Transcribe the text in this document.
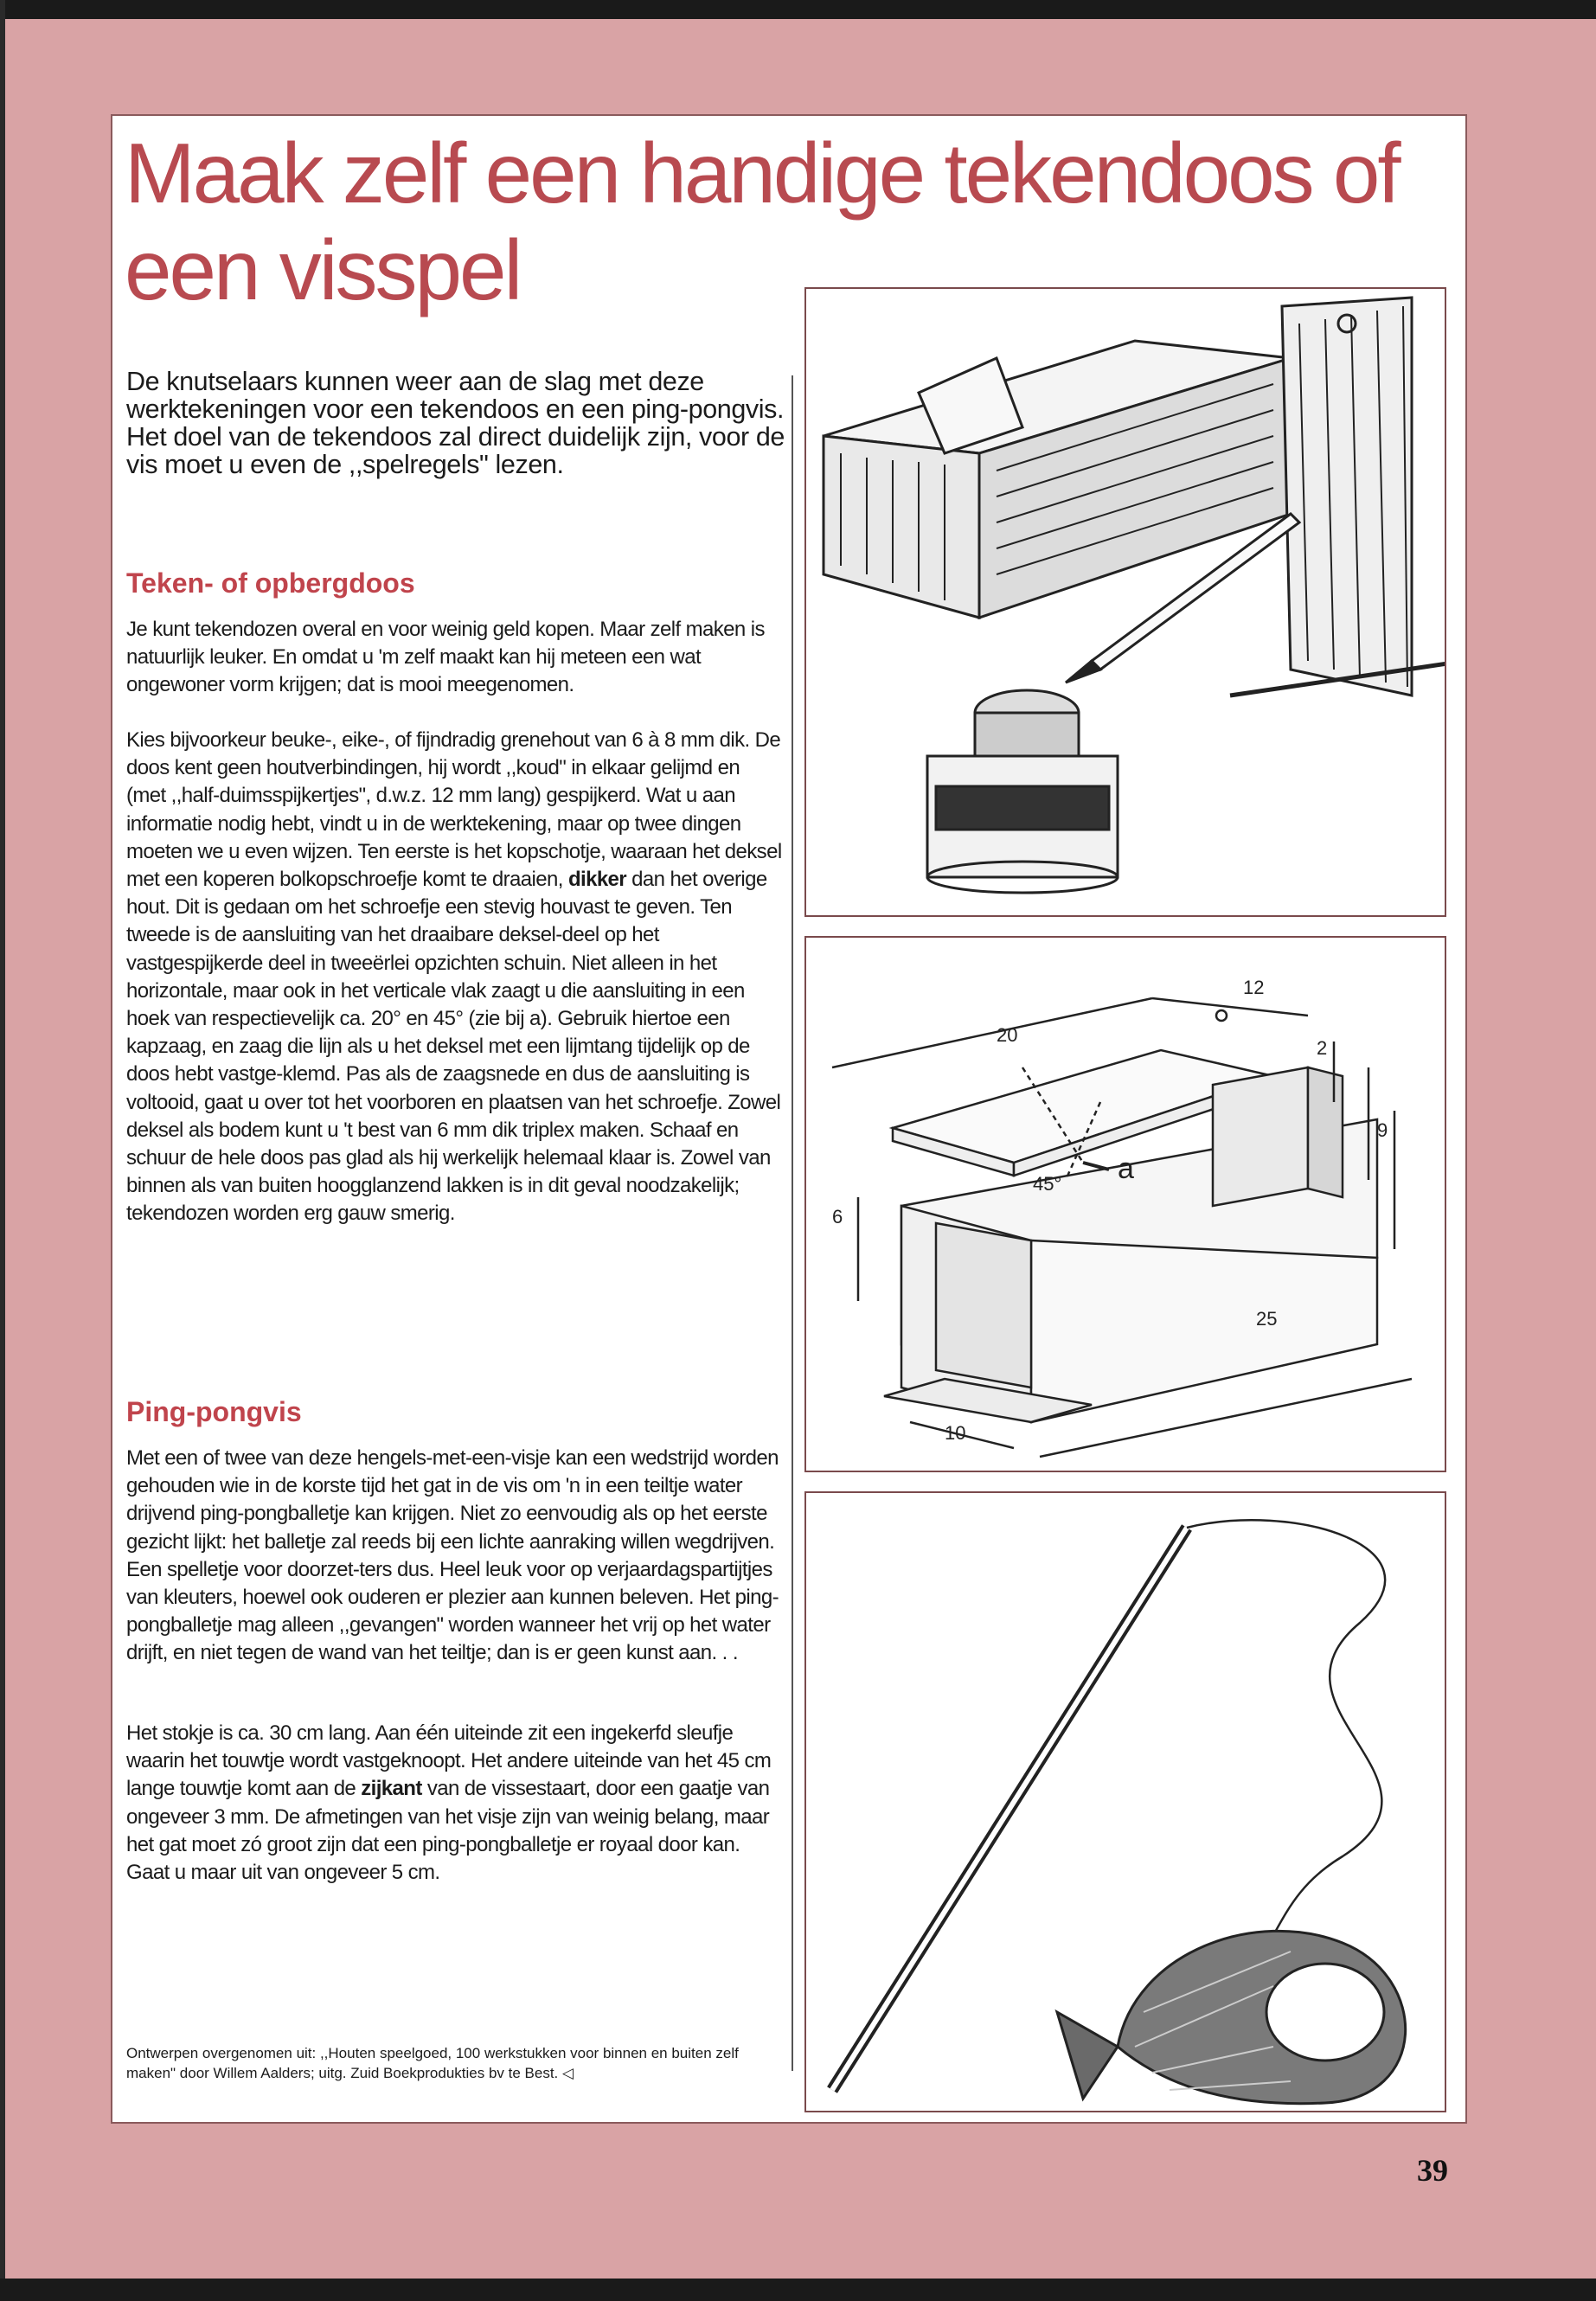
Maak zelf een handige tekendoos of een visspel

De knutselaars kunnen weer aan de slag met deze werktekeningen voor een tekendoos en een ping-pongvis. Het doel van de tekendoos zal direct duidelijk zijn, voor de vis moet u even de ,,spelregels" lezen.

Teken- of opbergdoos

Je kunt tekendozen overal en voor weinig geld kopen. Maar zelf maken is natuurlijk leuker. En omdat u 'm zelf maakt kan hij meteen een wat ongewoner vorm krijgen; dat is mooi meegenomen.

Kies bijvoorkeur beuke-, eike-, of fijndradig grenehout van 6 à 8 mm dik. De doos kent geen houtverbindingen, hij wordt ,,koud" in elkaar gelijmd en (met ,,half-duimsspijkertjes", d.w.z. 12 mm lang) gespijkerd. Wat u aan informatie nodig hebt, vindt u in de werktekening, maar op twee dingen moeten we u even wijzen. Ten eerste is het kopschotje, waaraan het deksel met een koperen bolkopschroefje komt te draaien, dikker dan het overige hout. Dit is gedaan om het schroefje een stevig houvast te geven. Ten tweede is de aansluiting van het draaibare deksel-deel op het vastgespijkerde deel in tweeërlei opzichten schuin. Niet alleen in het horizontale, maar ook in het verticale vlak zaagt u die aansluiting in een hoek van respectievelijk ca. 20° en 45° (zie bij a). Gebruik hiertoe een kapzaag, en zaag die lijn als u het deksel met een lijmtang tijdelijk op de doos hebt vastge-klemd. Pas als de zaagsnede en dus de aansluiting is voltooid, gaat u over tot het voorboren en plaatsen van het schroefje. Zowel deksel als bodem kunt u 't best van 6 mm dik triplex maken. Schaaf en schuur de hele doos pas glad als hij werkelijk helemaal klaar is. Zowel van binnen als van buiten hoogglanzend lakken is in dit geval noodzakelijk; tekendozen worden erg gauw smerig.

Ping-pongvis

Met een of twee van deze hengels-met-een-visje kan een wedstrijd worden gehouden wie in de korste tijd het gat in de vis om 'n in een teiltje water drijvend ping-pongballetje kan krijgen. Niet zo eenvoudig als op het eerste gezicht lijkt: het balletje zal reeds bij een lichte aanraking willen wegdrijven. Een spelletje voor doorzet-ters dus. Heel leuk voor op verjaardagspartijtjes van kleuters, hoewel ook ouderen er plezier aan kunnen beleven. Het ping-pongballetje mag alleen ,,gevangen" worden wanneer het vrij op het water drijft, en niet tegen de wand van het teiltje; dan is er geen kunst aan. . .

Het stokje is ca. 30 cm lang. Aan één uiteinde zit een ingekerfd sleufje waarin het touwtje wordt vastgeknoopt. Het andere uiteinde van het 45 cm lange touwtje komt aan de zijkant van de vissestaart, door een gaatje van ongeveer 3 mm. De afmetingen van het visje zijn van weinig belang, maar het gat moet zó groot zijn dat een ping-pongballetje er royaal door kan. Gaat u maar uit van ongeveer 5 cm.

Ontwerpen overgenomen uit: ,,Houten speelgoed, 100 werkstukken voor binnen en buiten zelf maken" door Willem Aalders; uitg. Zuid Boekprodukties bv te Best. ◁

12
20
2
9
6
25
10
45° a

39
